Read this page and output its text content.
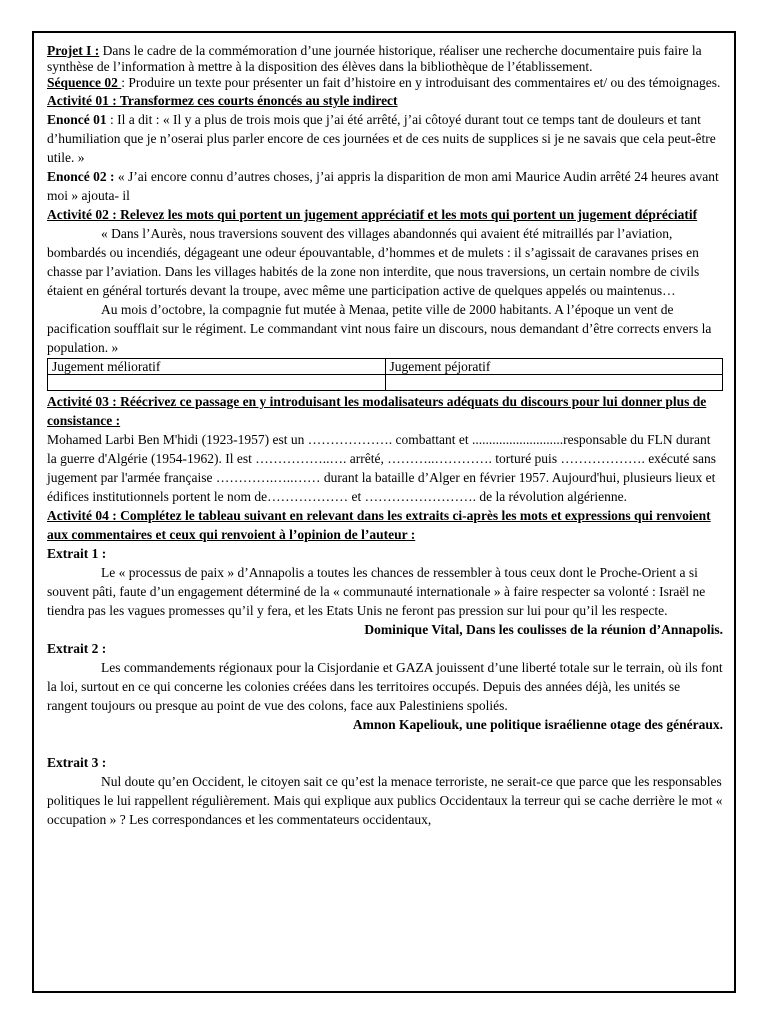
Projet I : Dans le cadre de la commémoration d’une journée historique, réaliser une recherche documentaire puis faire la synthèse de l’information à mettre à la disposition des élèves dans la bibliothèque de l’établissement.

Séquence 02 : Produire un texte pour présenter un fait d’histoire en y introduisant des commentaires et/ ou des témoignages.

Activité 01 : Transformez ces courts énoncés au style indirect

Enoncé 01 : Il a dit : « Il y a plus de trois mois que j’ai été arrêté, j’ai côtoyé durant tout ce temps tant de douleurs et tant d’humiliation que je n’oserai plus parler encore de ces journées et de ces nuits de supplices si je ne savais que cela peut-être utile. »

Enoncé 02 : « J’ai encore connu d’autres choses, j’ai appris la disparition de mon ami Maurice Audin arrêté 24 heures avant moi » ajouta- il

Activité 02 : Relevez les mots qui portent un jugement appréciatif et les mots qui portent un jugement dépréciatif

« Dans l’Aurès, nous traversions souvent des villages abandonnés qui avaient été mitraillés par l’aviation, bombardés ou incendiés, dégageant une odeur épouvantable, d’hommes et de mulets : il s’agissait de caravanes prises en chasse par l’aviation. Dans les villages habités de la zone non interdite, que nous traversions, un certain nombre de civils étaient en général torturés devant la troupe, avec même une participation active de quelques appelés ou maintenus…

Au mois d’octobre, la compagnie fut mutée à Menaa, petite ville de 2000 habitants. A l’époque un vent de pacification soufflait sur le régiment. Le commandant vint nous faire un discours, nous demandant d’être corrects envers la population. »

Jugement mélioratif	Jugement péjoratif

Activité 03 : Réécrivez ce passage en y introduisant les modalisateurs adéquats du discours pour lui donner plus de consistance :

Mohamed Larbi Ben M'hidi (1923-1957) est un ………………. combattant et ...........................responsable du FLN durant la guerre d'Algérie (1954-1962). Il est ……………..…. arrêté, ………..…………. torturé puis ………………. exécuté sans jugement par l'armée française ………….…..…… durant la bataille d’Alger en février 1957. Aujourd'hui, plusieurs lieux et édifices institutionnels portent le nom de……………… et ……………………. de la révolution algérienne.

Activité 04 : Complétez le tableau suivant en relevant dans les extraits ci-après les mots et expressions qui renvoient aux commentaires et ceux qui renvoient à l’opinion de l’auteur :

Extrait 1 :

Le « processus de paix » d’Annapolis a toutes les chances de ressembler à tous ceux dont le Proche-Orient a si souvent pâti, faute d’un engagement déterminé de la « communauté internationale » à faire respecter sa volonté : Israël ne tiendra pas les vagues promesses qu’il y fera, et les Etats Unis ne feront pas pression sur lui pour qu’il les respecte.

Dominique Vital, Dans les coulisses de la réunion d’Annapolis.

Extrait 2 :

Les commandements régionaux pour la Cisjordanie et GAZA jouissent d’une liberté totale sur le terrain, où ils font la loi, surtout en ce qui concerne les colonies créées dans les territoires occupés. Depuis des années déjà, les unités se rangent toujours ou presque au point de vue des colons, face aux Palestiniens spoliés.

Amnon Kapeliouk, une politique israélienne otage des généraux.

Extrait 3 :

Nul doute qu’en Occident, le citoyen sait ce qu’est la menace terroriste, ne serait-ce que parce que les responsables politiques le lui rappellent régulièrement. Mais qui explique aux publics Occidentaux la terreur qui se cache derrière le mot « occupation » ? Les correspondances et les commentateurs occidentaux,
